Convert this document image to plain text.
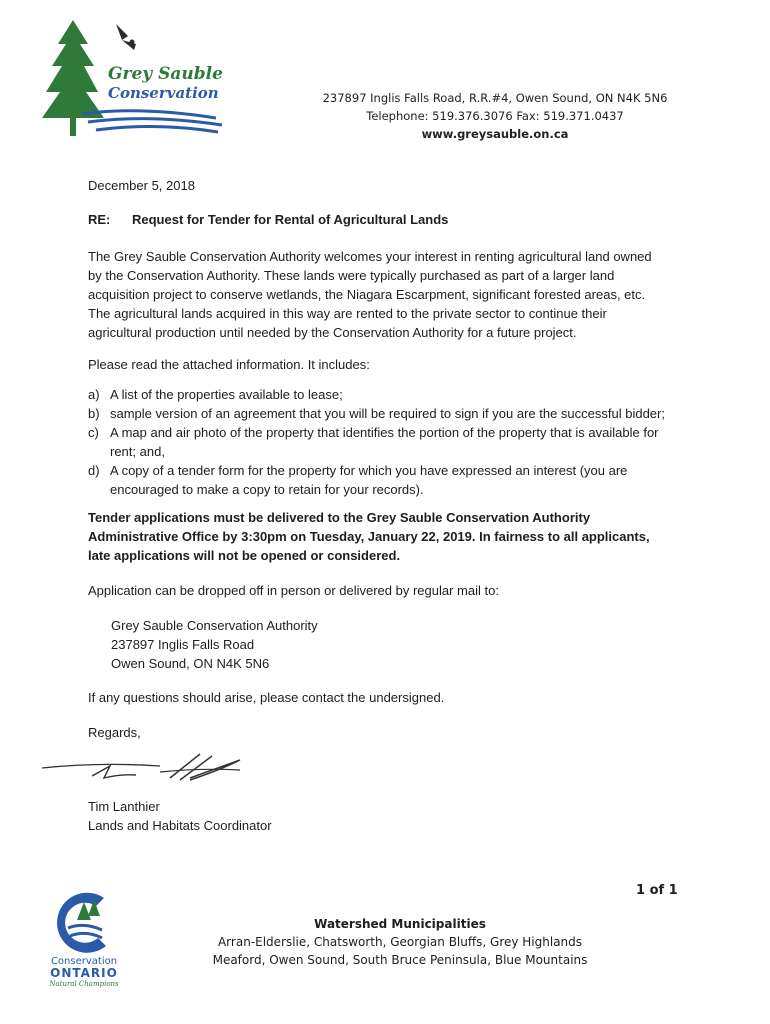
Grey Sauble
Conservation	237897 Inglis Falls Road, R.R.#4, Owen Sound, ON N4K 5N6
Telephone: 519.376.3076 Fax: 519.371.0437
www.greysauble.on.ca
December 5, 2018
RE: Request for Tender for Rental of Agricultural Lands
The Grey Sauble Conservation Authority welcomes your interest in renting agricultural land owned
by the Conservation Authority. These lands were typically purchased as part of a larger land
acquisition project to conserve wetlands, the Niagara Escarpment, significant forested areas, etc.
The agricultural lands acquired in this way are rented to the private sector to continue their
agricultural production until needed by the Conservation Authority for a future project.
Please read the attached information. It includes:
a) A list of the properties available to lease;
b) sample version of an agreement that you will be required to sign if you are the successful bidder;
c) A map and air photo of the property that identifies the portion of the property that is available for
rent; and,
d) A copy of a tender form for the property for which you have expressed an interest (you are
encouraged to make a copy to retain for your records).
Tender applications must be delivered to the Grey Sauble Conservation Authority
Administrative Office by 3:30pm on Tuesday, January 22, 2019. In fairness to all applicants,
late applications will not be opened or considered.
Application can be dropped off in person or delivered by regular mail to:
Grey Sauble Conservation Authority
237897 Inglis Falls Road
Owen Sound, ON N4K 5N6
If any questions should arise, please contact the undersigned.
Regards,
Tim Lanthier
Lands and Habitats Coordinator
1 of 1
Conservation
ONTARIO
Natural Champions
Watershed Municipalities
Arran-Elderslie, Chatsworth, Georgian Bluffs, Grey Highlands
Meaford, Owen Sound, South Bruce Peninsula, Blue Mountains
